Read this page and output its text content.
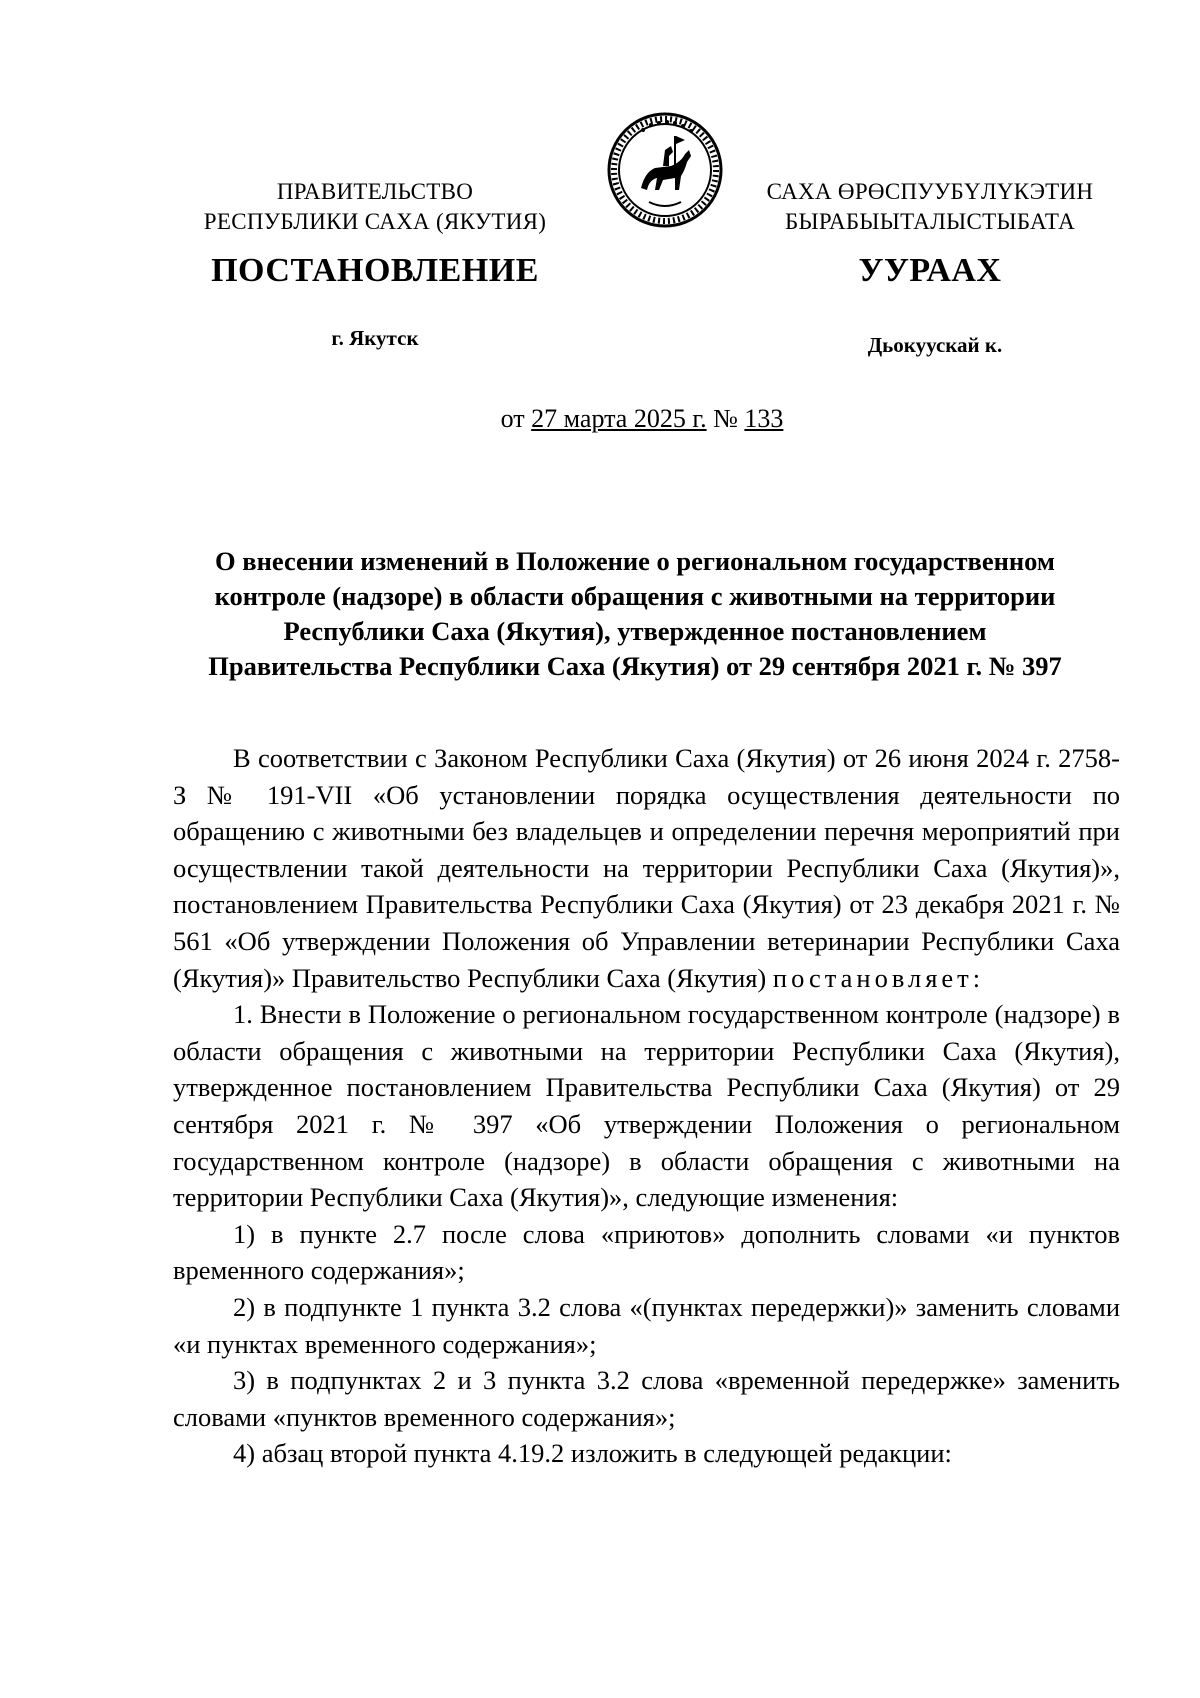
ПРАВИТЕЛЬСТВО
РЕСПУБЛИКИ САХА (ЯКУТИЯ)
САХА ӨРӨСПУУБҮЛҮКЭТИН
БЫРАБЫЫТАЛЫСТЫБАТА
ПОСТАНОВЛЕНИЕ	УУРААХ
г. Якутск	Дьокуускай к.
от 27 марта 2025 г. № 133
О внесении изменений в Положение о региональном государственном
контроле (надзоре) в области обращения с животными на территории
Республики Саха (Якутия), утвержденное постановлением
Правительства Республики Саха (Якутия) от 29 сентября 2021 г. № 397

В соответствии с Законом Республики Саха (Якутия) от 26 июня 2024 г. 2758-З № 191-VII «Об установлении порядка осуществления деятельности по обращению с животными без владельцев и определении перечня мероприятий при осуществлении такой деятельности на территории Республики Саха (Якутия)», постановлением Правительства Республики Саха (Якутия) от 23 декабря 2021 г. № 561 «Об утверждении Положения об Управлении ветеринарии Республики Саха (Якутия)» Правительство Республики Саха (Якутия) постановляет:

1. Внести в Положение о региональном государственном контроле (надзоре) в области обращения с животными на территории Республики Саха (Якутия), утвержденное постановлением Правительства Республики Саха (Якутия) от 29 сентября 2021 г. № 397 «Об утверждении Положения о региональном государственном контроле (надзоре) в области обращения с животными на территории Республики Саха (Якутия)», следующие изменения:

1) в пункте 2.7 после слова «приютов» дополнить словами «и пунктов временного содержания»;

2) в подпункте 1 пункта 3.2 слова «(пунктах передержки)» заменить словами «и пунктах временного содержания»;

3) в подпунктах 2 и 3 пункта 3.2 слова «временной передержке» заменить словами «пунктов временного содержания»;

4) абзац второй пункта 4.19.2 изложить в следующей редакции:
